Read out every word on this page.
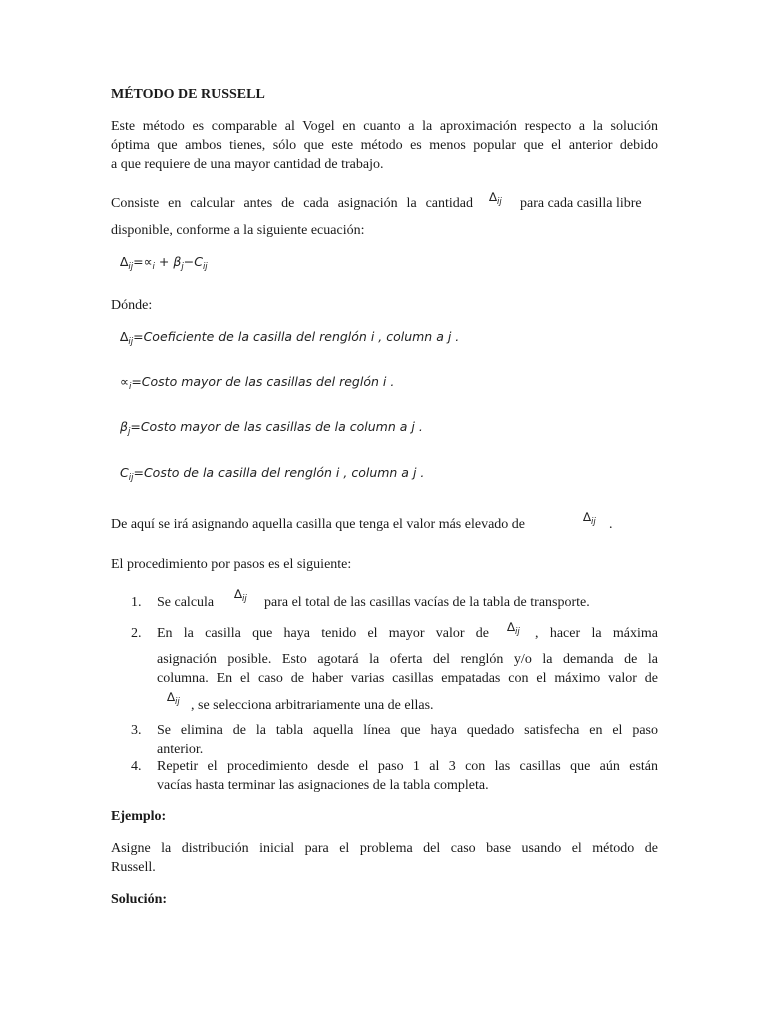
MÉTODO DE RUSSELL
Este método es comparable al Vogel en cuanto a la aproximación respecto a la solución
óptima que ambos tienes, sólo que este método es menos popular que el anterior debido
a que requiere de una mayor cantidad de trabajo.
Consiste en calcular antes de cada asignación la cantidad $\Delta_{ij}$ para cada casilla libre
disponible, conforme a la siguiente ecuación:
$\Delta_{ij}=\propto_i + \beta_j-C_{ij}$
Dónde:
$\Delta_{ij}=Coeficiente$ de la casilla del renglón i , column a j .
$\propto_i=Costo$ mayor de las casillas del reglón i .
$\beta_j=Costo$ mayor de las casillas de la column a j .
$C_{ij}=Costo$ de la casilla del renglón i , column a j .
De aquí se irá asignando aquella casilla que tenga el valor más elevado de	$\Delta_{ij}$ .
El procedimiento por pasos es el siguiente:
1. Se calcula
$\Delta_{ij}$ para el total de las casillas vacías de la tabla de transporte.
2. En la casilla que haya tenido el mayor valor de $\Delta_{ij}$ , hacer la máxima
asignación posible. Esto agotará la oferta del renglón y/o la demanda de la
columna. En el caso de haber varias casillas empatadas con el máximo valor de
$\Delta_{ij}$ , se selecciona arbitrariamente una de ellas.
3. Se elimina de la tabla aquella línea que haya quedado satisfecha en el paso
anterior.
4. Repetir el procedimiento desde el paso 1 al 3 con las casillas que aún están
vacías hasta terminar las asignaciones de la tabla completa.
Ejemplo:
Asigne la distribución inicial para el problema del caso base usando el método de
Russell.
Solución:
